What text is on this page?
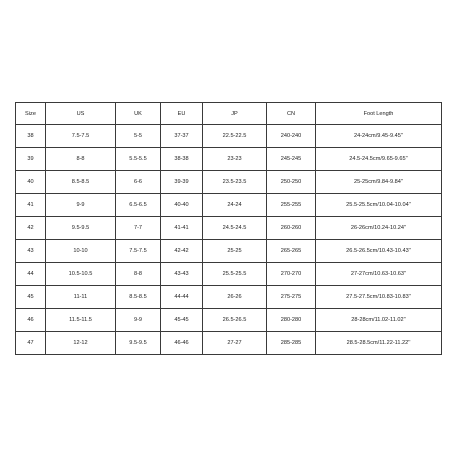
Size	US	UK	EU	JP	CN	Foot Length
38	7.5-7.5	5-5	37-37	22.5-22.5	240-240	24-24cm/9.45-9.45''
39	8-8	5.5-5.5	38-38	23-23	245-245	24.5-24.5cm/9.65-9.65''
40	8.5-8.5	6-6	39-39	23.5-23.5	250-250	25-25cm/9.84-9.84''
41	9-9	6.5-6.5	40-40	24-24	255-255	25.5-25.5cm/10.04-10.04''
42	9.5-9.5	7-7	41-41	24.5-24.5	260-260	26-26cm/10.24-10.24''
43	10-10	7.5-7.5	42-42	25-25	265-265	26.5-26.5cm/10.43-10.43''
44	10.5-10.5	8-8	43-43	25.5-25.5	270-270	27-27cm/10.63-10.63''
45	11-11	8.5-8.5	44-44	26-26	275-275	27.5-27.5cm/10.83-10.83''
46	11.5-11.5	9-9	45-45	26.5-26.5	280-280	28-28cm/11.02-11.02''
47	12-12	9.5-9.5	46-46	27-27	285-285	28.5-28.5cm/11.22-11.22''
